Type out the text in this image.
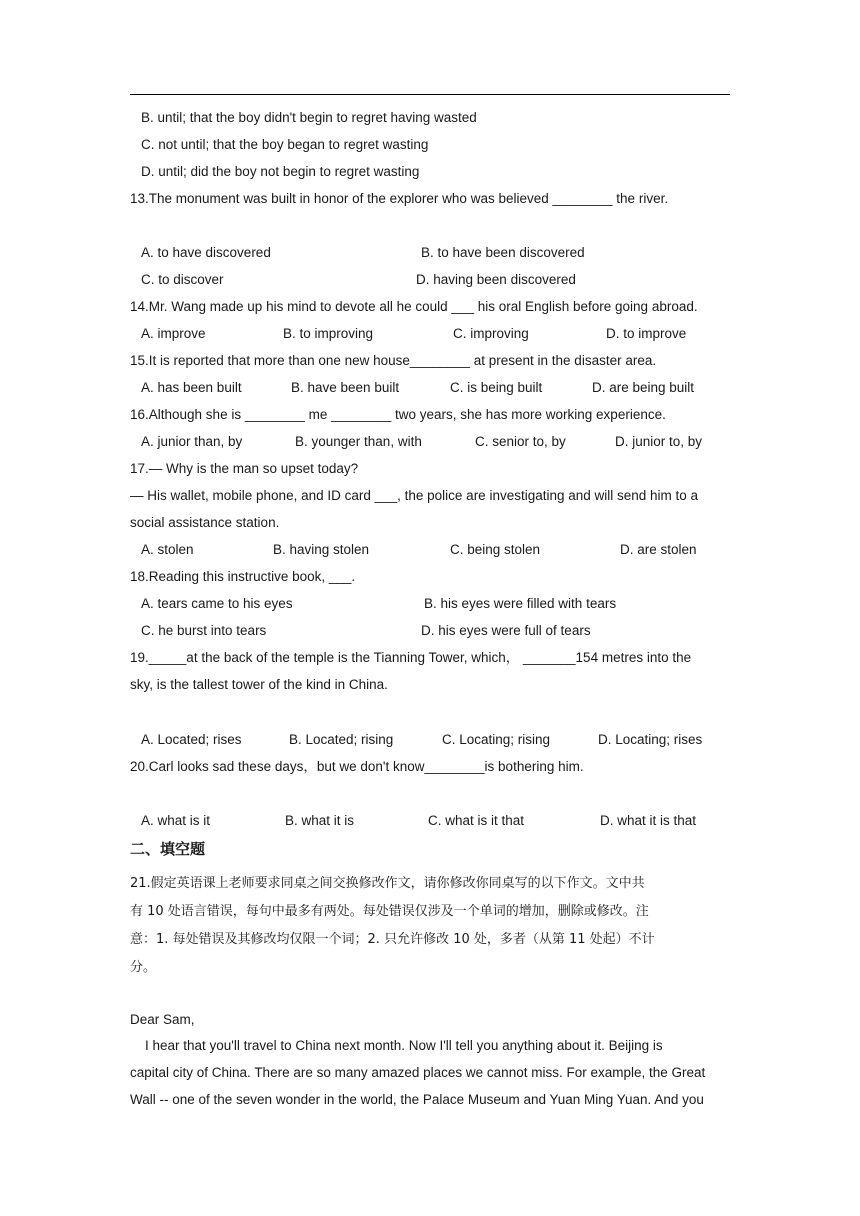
B. until; that the boy didn't begin to regret having wasted
C. not until; that the boy began to regret wasting
D. until; did the boy not begin to regret wasting
13.The monument was built in honor of the explorer who was believed ________ the river.
A. to have discovered	B. to have been discovered
C. to discover	D. having been discovered
14.Mr. Wang made up his mind to devote all he could ___ his oral English before going abroad.
A. improve	B. to improving	C. improving	D. to improve
15.It is reported that more than one new house________ at present in the disaster area.
A. has been built	B. have been built	C. is being built	D. are being built
16.Although she is ________ me ________ two years, she has more working experience.
A. junior than, by	B. younger than, with	C. senior to, by	D. junior to, by
17.— Why is the man so upset today?
— His wallet, mobile phone, and ID card ___, the police are investigating and will send him to a
social assistance station.
A. stolen	B. having stolen	C. being stolen	D. are stolen
18.Reading this instructive book, ___.
A. tears came to his eyes	B. his eyes were filled with tears
C. he burst into tears	D. his eyes were full of tears
19._____at the back of the temple is the Tianning Tower, which， _______154 metres into the
sky, is the tallest tower of the kind in China.
A. Located; rises	B. Located; rising	C. Locating; rising	D. Locating; rises
20.Carl looks sad these days，but we don't know________is bothering him.
A. what is it	B. what it is	C. what is it that	D. what it is that
二、填空题
21.假定英语课上老师要求同桌之间交换修改作文，请你修改你同桌写的以下作文。文中共
有 10 处语言错误，每句中最多有两处。每处错误仅涉及一个单词的增加，删除或修改。注
意：1. 每处错误及其修改均仅限一个词；2. 只允许修改 10 处，多者（从第 11 处起）不计
分。
Dear Sam,
I hear that you'll travel to China next month. Now I'll tell you anything about it. Beijing is
capital city of China. There are so many amazed places we cannot miss. For example, the Great
Wall -- one of the seven wonder in the world, the Palace Museum and Yuan Ming Yuan. And you
